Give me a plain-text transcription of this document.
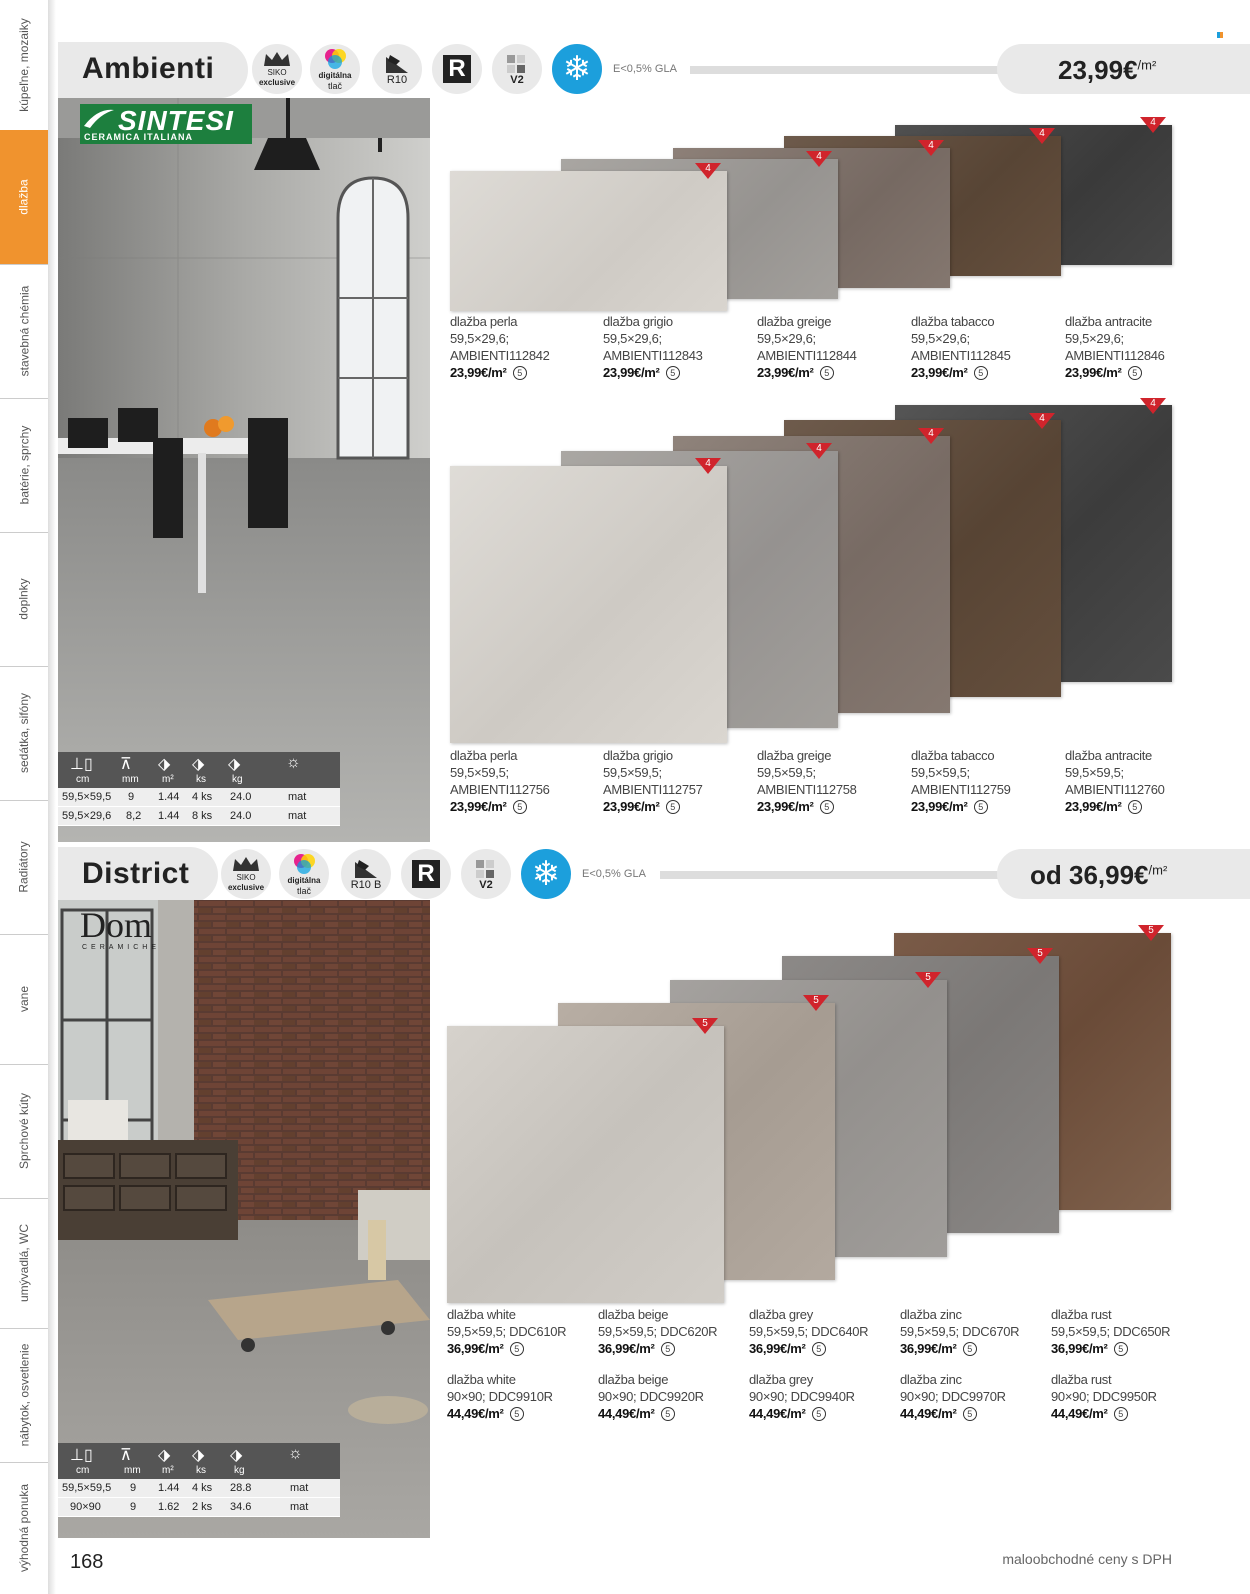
kúpeľne, mozaiky
dlažba
stavebná chémia
batérie, sprchy
doplnky
sedátka, sifóny
Radiátory
vane
Sprchové kúty
umývadlá, WC
nábytok, osvetlenie
výhodná ponuka
Ambienti	SIKO
exclusive
digitálna
tlač	R10 R	V2 ❄ E<0,5% GLA	23,99€$^{/m^2}$
SINTESI
CERAMICA ITALIANA
⊥▯ ⊼ ⬗ ⬗ ⬗	☼
cm	mm m² ks	kg
59,5×59,5 9 1.44 4 ks 24.0	mat
59,5×29,6 8,2 1.44 8 ks 24.0	mat
4
4
4
4
4
dlažba perla
59,5×29,6;
AMBIENTI112842
23,99€/m² 5
dlažba grigio
59,5×29,6;
AMBIENTI112843
23,99€/m² 5
dlažba greige
59,5×29,6;
AMBIENTI112844
23,99€/m² 5
dlažba tabacco
59,5×29,6;
AMBIENTI112845
23,99€/m² 5
dlažba antracite
59,5×29,6;
AMBIENTI112846
23,99€/m² 5
4
4
4
4
4
dlažba perla
59,5×59,5;
AMBIENTI112756
23,99€/m² 5
dlažba grigio
59,5×59,5;
AMBIENTI112757
23,99€/m² 5
dlažba greige
59,5×59,5;
AMBIENTI112758
23,99€/m² 5
dlažba tabacco
59,5×59,5;
AMBIENTI112759
23,99€/m² 5
dlažba antracite
59,5×59,5;
AMBIENTI112760
23,99€/m² 5
District	SIKO
exclusive
digitálna
tlač	R10 B R	V2 ❄ E<0,5% GLA	od 36,99€$^{/m^2}$
Dom
CERAMICHE
⊥▯ ⊼ ⬗ ⬗ ⬗	☼
cm	mm m² ks	kg
59,5×59,5 9 1.44 4 ks 28.8	mat
90×90	9 1.62 2 ks 34.6	mat
5
5
5
5
5
dlažba white
59,5×59,5; DDC610R
36,99€/m² 5
dlažba white
90×90; DDC9910R
44,49€/m² 5
dlažba beige
59,5×59,5; DDC620R
36,99€/m² 5
dlažba beige
90×90; DDC9920R
44,49€/m² 5
dlažba grey
59,5×59,5; DDC640R
36,99€/m² 5
dlažba grey
90×90; DDC9940R
44,49€/m² 5
dlažba zinc
59,5×59,5; DDC670R
36,99€/m² 5
dlažba zinc
90×90; DDC9970R
44,49€/m² 5
dlažba rust
59,5×59,5; DDC650R
36,99€/m² 5
dlažba rust
90×90; DDC9950R
44,49€/m² 5
168	maloobchodné ceny s DPH
